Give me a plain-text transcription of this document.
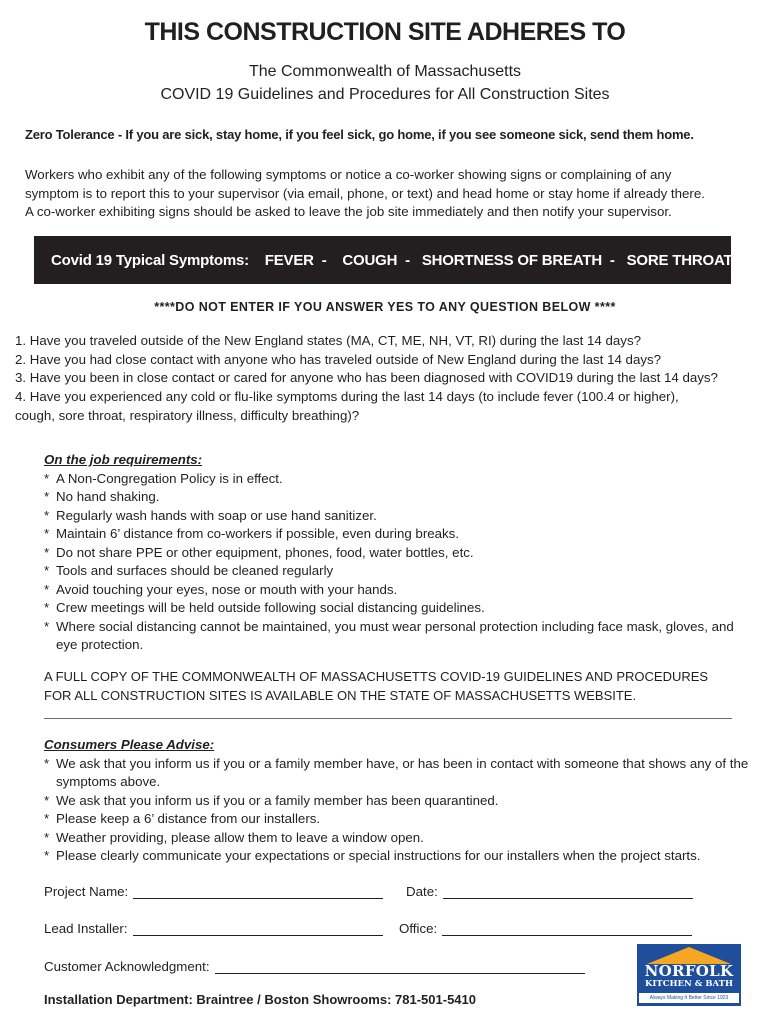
THIS CONSTRUCTION SITE ADHERES TO
The Commonwealth of Massachusetts
COVID 19 Guidelines and Procedures for All Construction Sites
Zero Tolerance - If you are sick, stay home, if you feel sick, go home, if you see someone sick, send them home.
Workers who exhibit any of the following symptoms or notice a co-worker showing signs or complaining of any
symptom is to report this to your supervisor (via email, phone, or text) and head home or stay home if already there.
A co-worker exhibiting signs should be asked to leave the job site immediately and then notify your supervisor.
Covid 19 Typical Symptoms:    FEVER  -    COUGH  -   SHORTNESS OF BREATH  -   SORE THROAT
****DO NOT ENTER IF YOU ANSWER YES TO ANY QUESTION BELOW ****
1. Have you traveled outside of the New England states (MA, CT, ME, NH, VT, RI) during the last 14 days?
2. Have you had close contact with anyone who has traveled outside of New England during the last 14 days?
3. Have you been in close contact or cared for anyone who has been diagnosed with COVID19 during the last 14 days?
4. Have you experienced any cold or flu-like symptoms during the last 14 days (to include fever (100.4 or higher),
cough, sore throat, respiratory illness, difficulty breathing)?
On the job requirements:
* A Non-Congregation Policy is in effect.
* No hand shaking.
* Regularly wash hands with soap or use hand sanitizer.
* Maintain 6’ distance from co-workers if possible, even during breaks.
* Do not share PPE or other equipment, phones, food, water bottles, etc.
* Tools and surfaces should be cleaned regularly
* Avoid touching your eyes, nose or mouth with your hands.
* Crew meetings will be held outside following social distancing guidelines.
* Where social distancing cannot be maintained, you must wear personal protection including face mask, gloves, and eye protection.
A FULL COPY OF THE COMMONWEALTH OF MASSACHUSETTS COVID-19 GUIDELINES AND PROCEDURES
FOR ALL CONSTRUCTION SITES IS AVAILABLE ON THE STATE OF MASSACHUSETTS WEBSITE.
Consumers Please Advise:
* We ask that you inform us if you or a family member have, or has been in contact with someone that shows any of the symptoms above.
* We ask that you inform us if you or a family member has been quarantined.
* Please keep a 6’ distance from our installers.
* Weather providing, please allow them to leave a window open.
* Please clearly communicate your expectations or special instructions for our installers when the project starts.
Project Name:	Date:
Lead Installer:	Office:
Customer Acknowledgment:
Installation Department: Braintree / Boston Showrooms: 781-501-5410
NORFOLK
KITCHEN & BATH
Always Making It Better Since 1923
